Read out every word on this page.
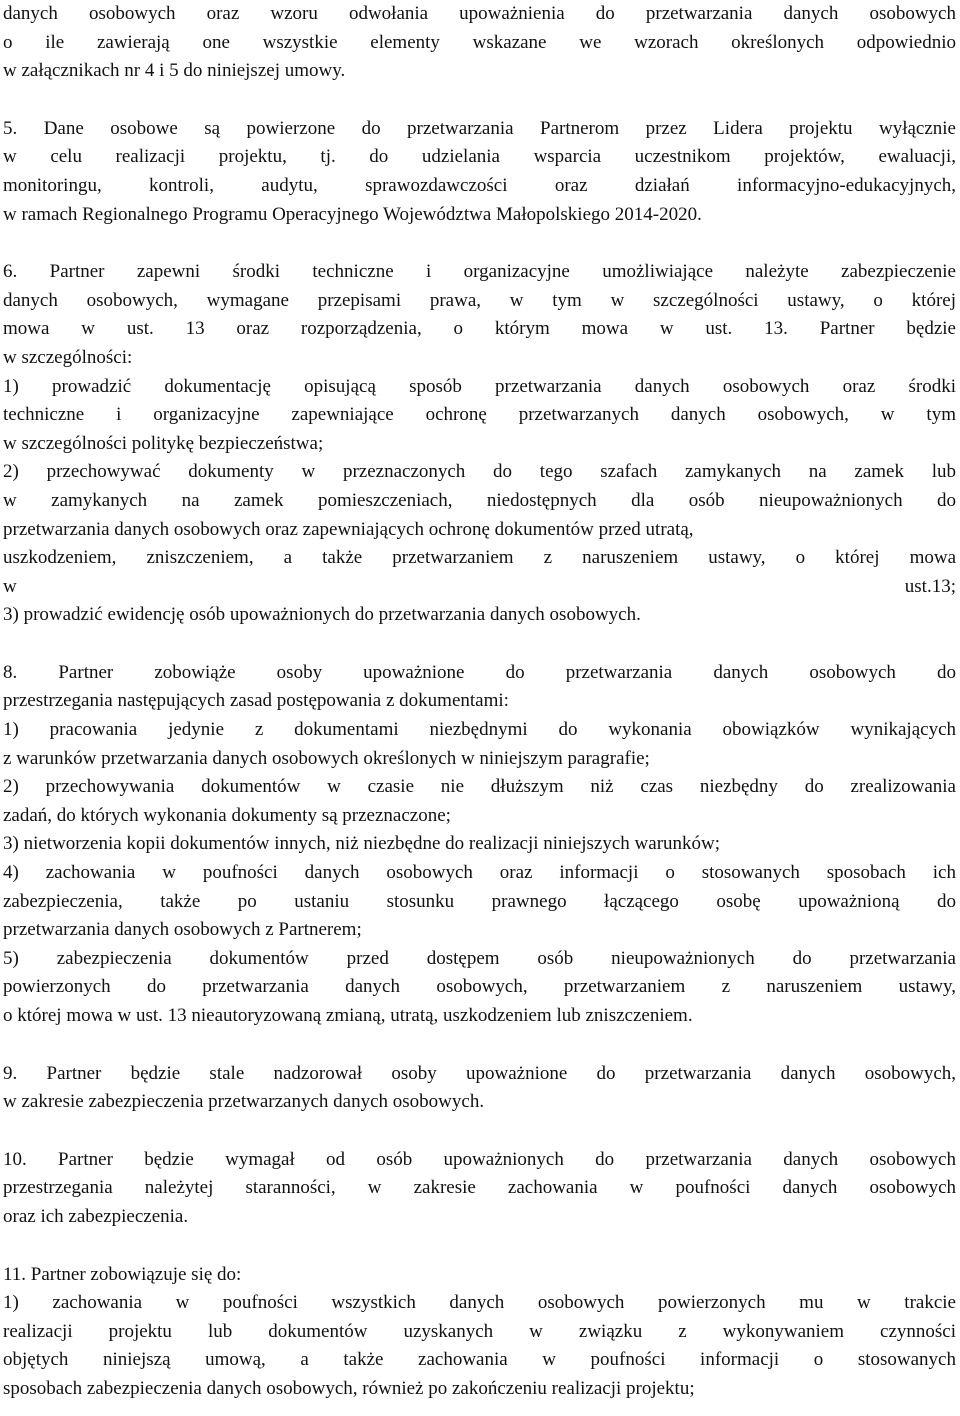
danych osobowych oraz wzoru odwołania upoważnienia do przetwarzania danych osobowych
o ile zawierają one wszystkie elementy wskazane we wzorach określonych odpowiednio
w załącznikach nr 4 i 5 do niniejszej umowy.
5. Dane osobowe są powierzone do przetwarzania Partnerom przez Lidera projektu wyłącznie
w celu realizacji projektu, tj. do udzielania wsparcia uczestnikom projektów, ewaluacji,
monitoringu, kontroli, audytu, sprawozdawczości oraz działań informacyjno-edukacyjnych,
w ramach Regionalnego Programu Operacyjnego Województwa Małopolskiego 2014-2020.
6. Partner zapewni środki techniczne i organizacyjne umożliwiające należyte zabezpieczenie
danych osobowych, wymagane przepisami prawa, w tym w szczególności ustawy, o której
mowa w ust. 13 oraz rozporządzenia, o którym mowa w ust. 13. Partner będzie
w szczególności:
1) prowadzić dokumentację opisującą sposób przetwarzania danych osobowych oraz środki
techniczne i organizacyjne zapewniające ochronę przetwarzanych danych osobowych, w tym
w szczególności politykę bezpieczeństwa;
2) przechowywać dokumenty w przeznaczonych do tego szafach zamykanych na zamek lub
w zamykanych na zamek pomieszczeniach, niedostępnych dla osób nieupoważnionych do
przetwarzania danych osobowych oraz zapewniających ochronę dokumentów przed utratą,
uszkodzeniem, zniszczeniem, a także przetwarzaniem z naruszeniem ustawy, o której mowa
w ust.13;
3) prowadzić ewidencję osób upoważnionych do przetwarzania danych osobowych.
8. Partner zobowiąże osoby upoważnione do przetwarzania danych osobowych do
przestrzegania następujących zasad postępowania z dokumentami:
1) pracowania jedynie z dokumentami niezbędnymi do wykonania obowiązków wynikających
z warunków przetwarzania danych osobowych określonych w niniejszym paragrafie;
2) przechowywania dokumentów w czasie nie dłuższym niż czas niezbędny do zrealizowania
zadań, do których wykonania dokumenty są przeznaczone;
3) nietworzenia kopii dokumentów innych, niż niezbędne do realizacji niniejszych warunków;
4) zachowania w poufności danych osobowych oraz informacji o stosowanych sposobach ich
zabezpieczenia, także po ustaniu stosunku prawnego łączącego osobę upoważnioną do
przetwarzania danych osobowych z Partnerem;
5) zabezpieczenia dokumentów przed dostępem osób nieupoważnionych do przetwarzania
powierzonych do przetwarzania danych osobowych, przetwarzaniem z naruszeniem ustawy,
o której mowa w ust. 13 nieautoryzowaną zmianą, utratą, uszkodzeniem lub zniszczeniem.
9. Partner będzie stale nadzorował osoby upoważnione do przetwarzania danych osobowych,
w zakresie zabezpieczenia przetwarzanych danych osobowych.
10. Partner będzie wymagał od osób upoważnionych do przetwarzania danych osobowych
przestrzegania należytej staranności, w zakresie zachowania w poufności danych osobowych
oraz ich zabezpieczenia.
11. Partner zobowiązuje się do:
1) zachowania w poufności wszystkich danych osobowych powierzonych mu w trakcie
realizacji projektu lub dokumentów uzyskanych w związku z wykonywaniem czynności
objętych niniejszą umową, a także zachowania w poufności informacji o stosowanych
sposobach zabezpieczenia danych osobowych, również po zakończeniu realizacji projektu;
